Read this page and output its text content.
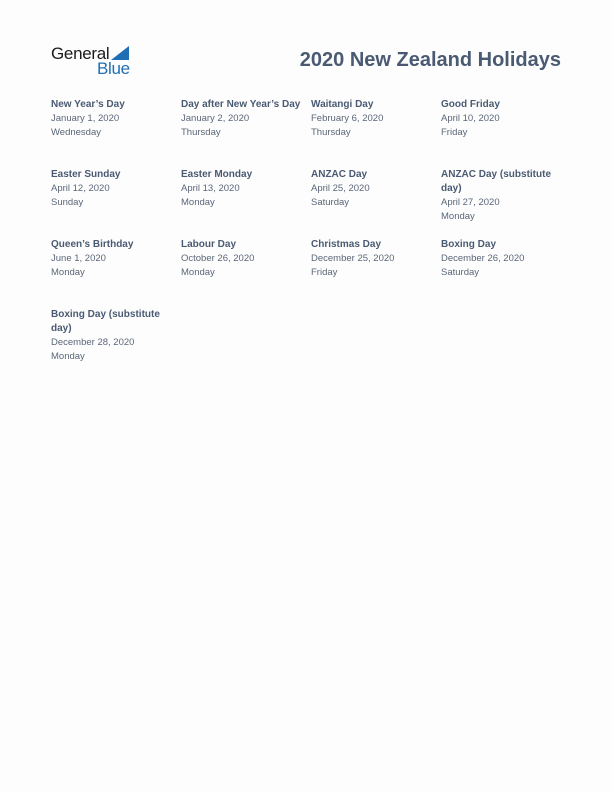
General
Blue	2020 New Zealand Holidays
New Year’s Day
January 1, 2020
Wednesday
Day after New Year’s Day
January 2, 2020
Thursday
Waitangi Day
February 6, 2020
Thursday
Good Friday
April 10, 2020
Friday
Easter Sunday
April 12, 2020
Sunday
Easter Monday
April 13, 2020
Monday
ANZAC Day
April 25, 2020
Saturday
ANZAC Day (substitute day)
April 27, 2020
Monday
Queen’s Birthday
June 1, 2020
Monday
Labour Day
October 26, 2020
Monday
Christmas Day
December 25, 2020
Friday
Boxing Day
December 26, 2020
Saturday
Boxing Day (substitute day)
December 28, 2020
Monday
